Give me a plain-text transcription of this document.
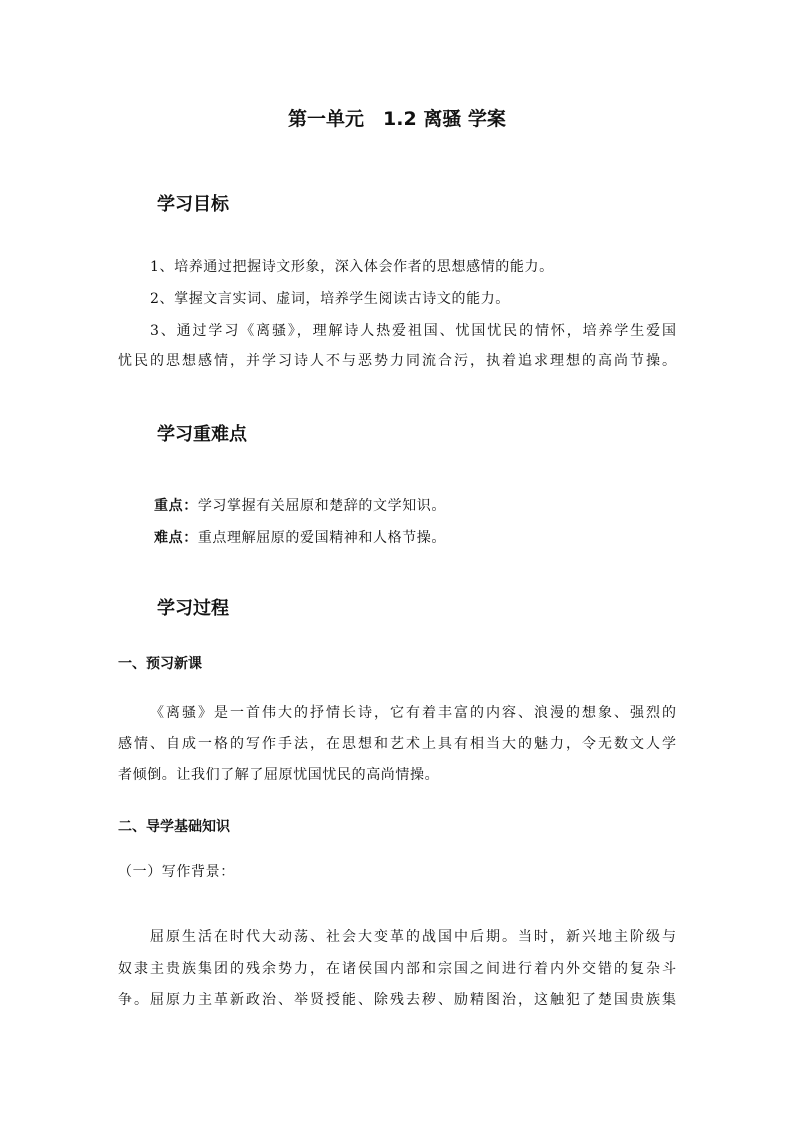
第一单元　1.2 离骚 学案
学习目标
1、培养通过把握诗文形象，深入体会作者的思想感情的能力。
2、掌握文言实词、虚词，培养学生阅读古诗文的能力。
3、通过学习《离骚》，理解诗人热爱祖国、忧国忧民的情怀，培养学生爱国
忧民的思想感情，并学习诗人不与恶势力同流合污，执着追求理想的高尚节操。
学习重难点
重点：学习掌握有关屈原和楚辞的文学知识。
难点：重点理解屈原的爱国精神和人格节操。
学习过程
一、预习新课
《离骚》是一首伟大的抒情长诗，它有着丰富的内容、浪漫的想象、强烈的
感情、自成一格的写作手法，在思想和艺术上具有相当大的魅力，令无数文人学
者倾倒。让我们了解了屈原忧国忧民的高尚情操。
二、导学基础知识
（一）写作背景：
屈原生活在时代大动荡、社会大变革的战国中后期。当时，新兴地主阶级与
奴隶主贵族集团的残余势力，在诸侯国内部和宗国之间进行着内外交错的复杂斗
争。屈原力主革新政治、举贤授能、除残去秽、励精图治，这触犯了楚国贵族集
